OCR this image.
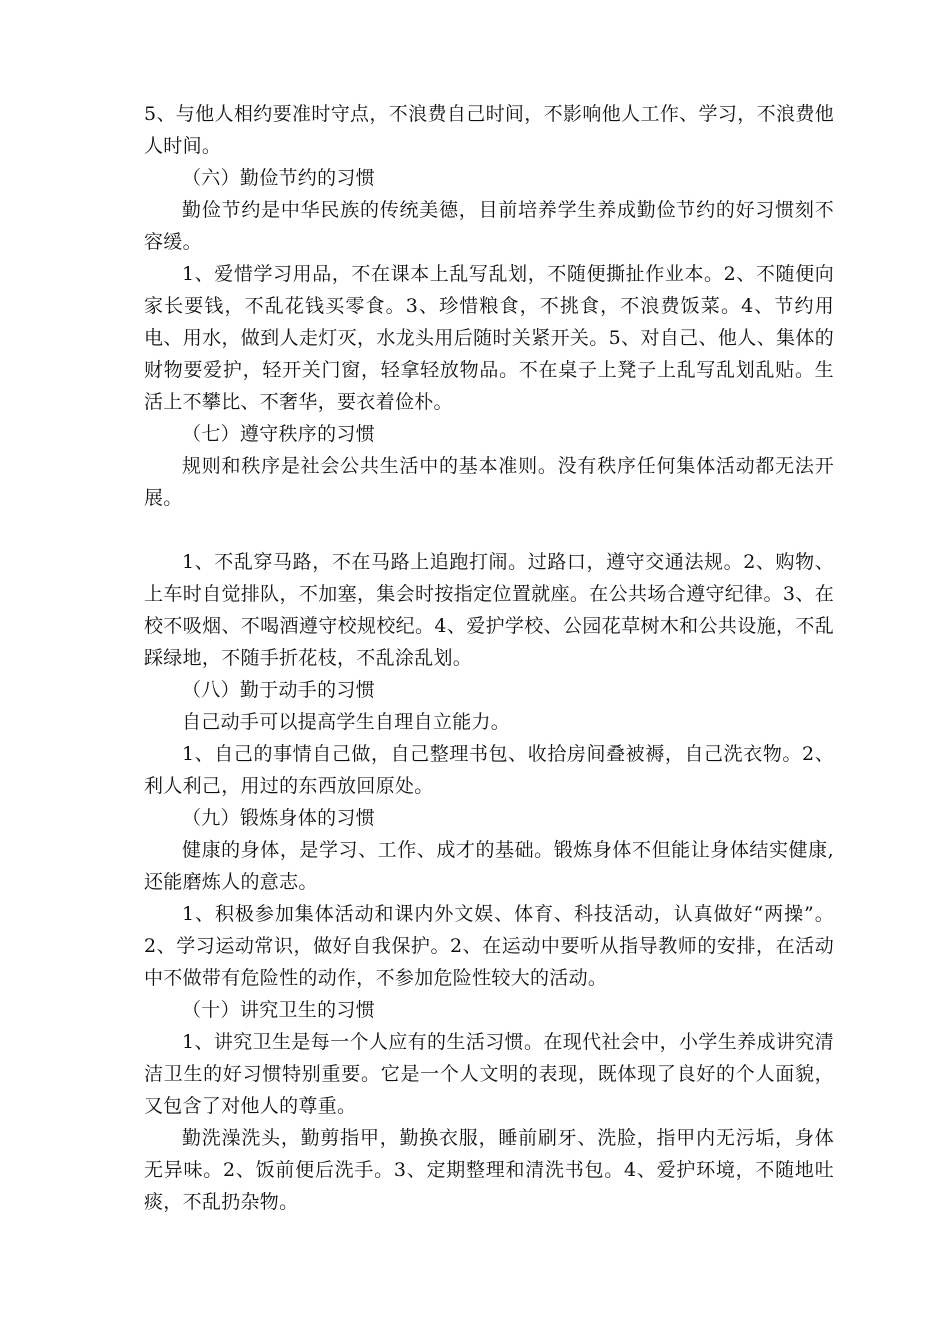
5、与他人相约要准时守点，不浪费自己时间，不影响他人工作、学习，不浪费他人时间。

（六）勤俭节约的习惯

勤俭节约是中华民族的传统美德，目前培养学生养成勤俭节约的好习惯刻不容缓。

1、爱惜学习用品，不在课本上乱写乱划，不随便撕扯作业本。2、不随便向家长要钱，不乱花钱买零食。3、珍惜粮食，不挑食，不浪费饭菜。4、节约用电、用水，做到人走灯灭，水龙头用后随时关紧开关。5、对自己、他人、集体的财物要爱护，轻开关门窗，轻拿轻放物品。不在桌子上凳子上乱写乱划乱贴。生活上不攀比、不奢华，要衣着俭朴。

（七）遵守秩序的习惯

规则和秩序是社会公共生活中的基本准则。没有秩序任何集体活动都无法开展。

1、不乱穿马路，不在马路上追跑打闹。过路口，遵守交通法规。2、购物、上车时自觉排队，不加塞，集会时按指定位置就座。在公共场合遵守纪律。3、在校不吸烟、不喝酒遵守校规校纪。4、爱护学校、公园花草树木和公共设施，不乱踩绿地，不随手折花枝，不乱涂乱划。

（八）勤于动手的习惯

自己动手可以提高学生自理自立能力。

1、自己的事情自己做，自己整理书包、收拾房间叠被褥，自己洗衣物。2、利人利己，用过的东西放回原处。

（九）锻炼身体的习惯

健康的身体，是学习、工作、成才的基础。锻炼身体不但能让身体结实健康, 还能磨炼人的意志。

1、积极参加集体活动和课内外文娱、体育、科技活动，认真做好“两操”。2、学习运动常识，做好自我保护。2、在运动中要听从指导教师的安排，在活动中不做带有危险性的动作，不参加危险性较大的活动。

（十）讲究卫生的习惯

1、讲究卫生是每一个人应有的生活习惯。在现代社会中，小学生养成讲究清洁卫生的好习惯特别重要。它是一个人文明的表现，既体现了良好的个人面貌，又包含了对他人的尊重。

勤洗澡洗头，勤剪指甲，勤换衣服，睡前刷牙、洗脸，指甲内无污垢，身体无异味。2、饭前便后洗手。3、定期整理和清洗书包。4、爱护环境，不随地吐痰，不乱扔杂物。
